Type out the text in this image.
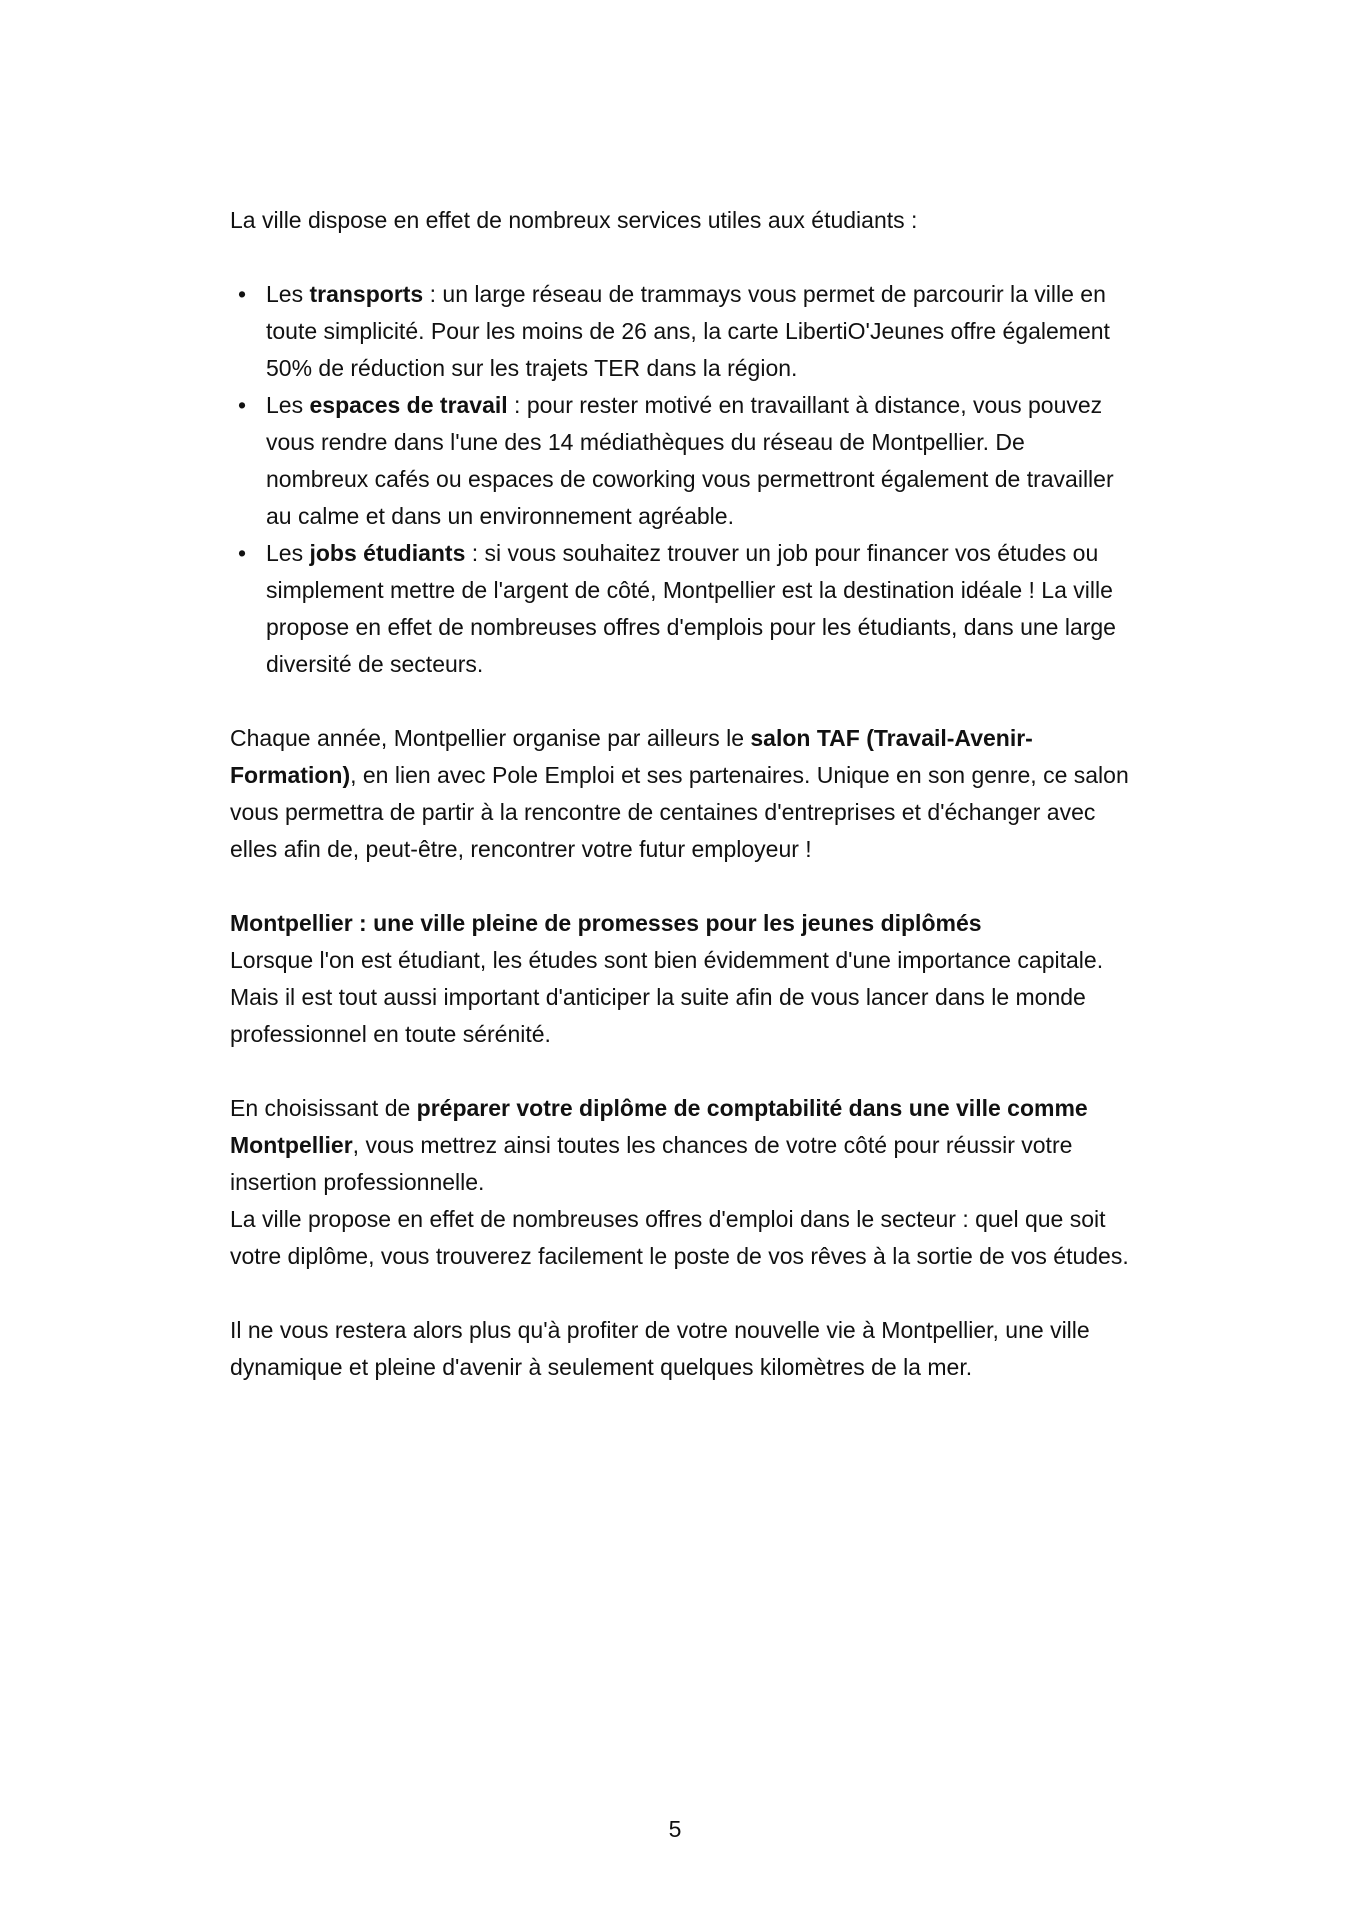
La ville dispose en effet de nombreux services utiles aux étudiants :

• Les transports : un large réseau de trammays vous permet de parcourir la ville en toute simplicité. Pour les moins de 26 ans, la carte LibertiO'Jeunes offre également 50% de réduction sur les trajets TER dans la région.
• Les espaces de travail : pour rester motivé en travaillant à distance, vous pouvez vous rendre dans l'une des 14 médiathèques du réseau de Montpellier. De nombreux cafés ou espaces de coworking vous permettront également de travailler au calme et dans un environnement agréable.
• Les jobs étudiants : si vous souhaitez trouver un job pour financer vos études ou simplement mettre de l'argent de côté, Montpellier est la destination idéale ! La ville propose en effet de nombreuses offres d'emplois pour les étudiants, dans une large diversité de secteurs.

Chaque année, Montpellier organise par ailleurs le salon TAF (Travail-Avenir-Formation), en lien avec Pole Emploi et ses partenaires. Unique en son genre, ce salon vous permettra de partir à la rencontre de centaines d'entreprises et d'échanger avec elles afin de, peut-être, rencontrer votre futur employeur !

Montpellier : une ville pleine de promesses pour les jeunes diplômés

Lorsque l'on est étudiant, les études sont bien évidemment d'une importance capitale. Mais il est tout aussi important d'anticiper la suite afin de vous lancer dans le monde professionnel en toute sérénité.

En choisissant de préparer votre diplôme de comptabilité dans une ville comme Montpellier, vous mettrez ainsi toutes les chances de votre côté pour réussir votre insertion professionnelle.

La ville propose en effet de nombreuses offres d'emploi dans le secteur : quel que soit votre diplôme, vous trouverez facilement le poste de vos rêves à la sortie de vos études.

Il ne vous restera alors plus qu'à profiter de votre nouvelle vie à Montpellier, une ville dynamique et pleine d'avenir à seulement quelques kilomètres de la mer.

5
